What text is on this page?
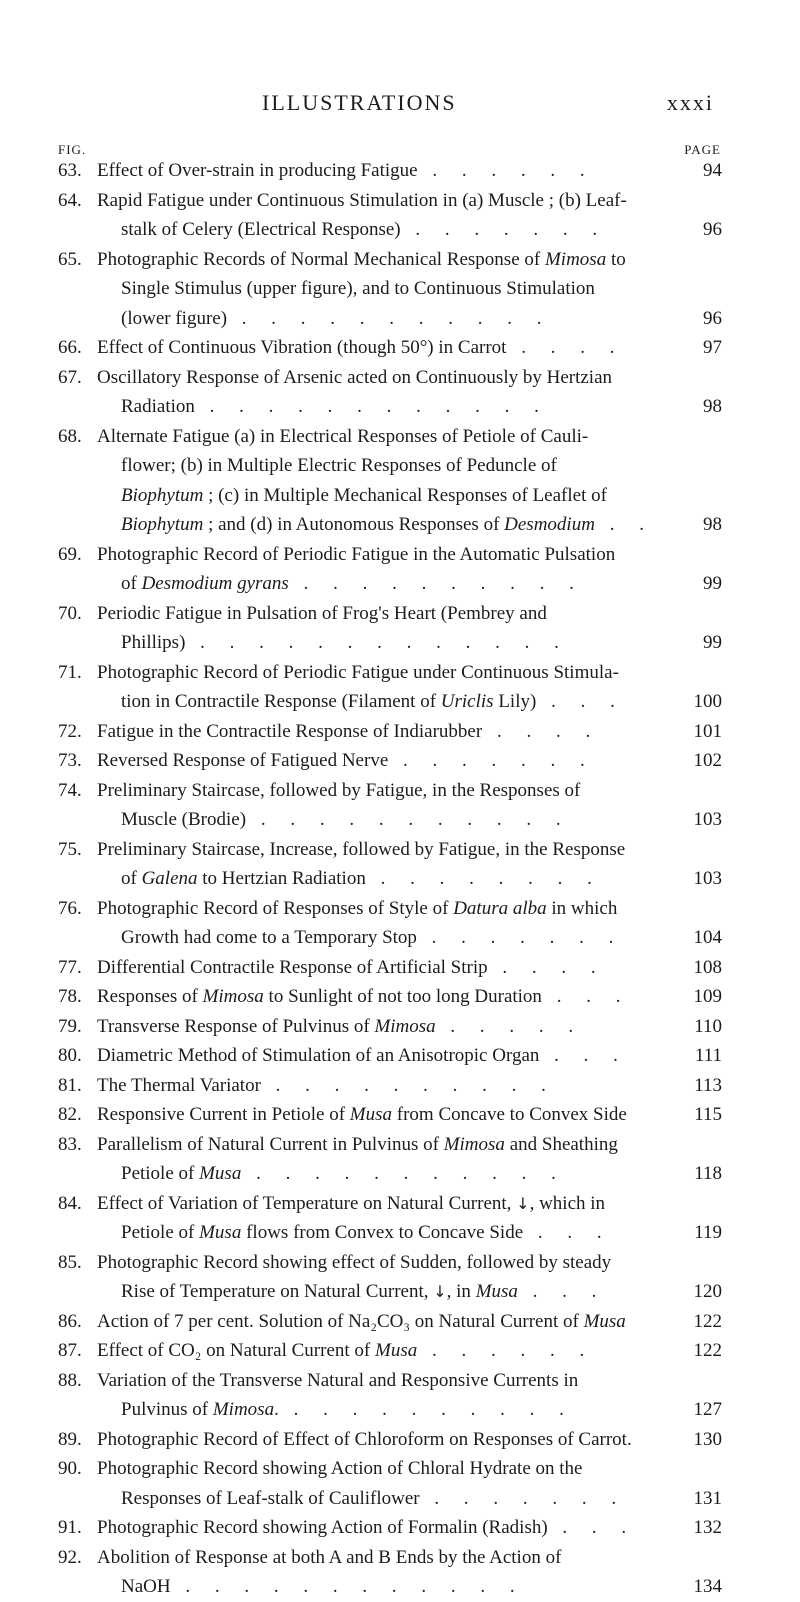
ILLUSTRATIONS	xxxi
FIG.	PAGE
63. Effect of Over-strain in producing Fatigue . . . . . .	94
64. Rapid Fatigue under Continuous Stimulation in (a) Muscle ; (b) Leaf-
stalk of Celery (Electrical Response) . . . . . . .	96
65. Photographic Records of Normal Mechanical Response of Mimosa to
Single Stimulus (upper figure), and to Continuous Stimulation
(lower figure) . . . . . . . . . . .	96
66. Effect of Continuous Vibration (though 50°) in Carrot . . . .	97
67. Oscillatory Response of Arsenic acted on Continuously by Hertzian
Radiation . . . . . . . . . . . .	98
68. Alternate Fatigue (a) in Electrical Responses of Petiole of Cauli-
flower; (b) in Multiple Electric Responses of Peduncle of
Biophytum ; (c) in Multiple Mechanical Responses of Leaflet of
Biophytum ; and (d) in Autonomous Responses of Desmodium . .	98
69. Photographic Record of Periodic Fatigue in the Automatic Pulsation
of Desmodium gyrans . . . . . . . . . .	99
70. Periodic Fatigue in Pulsation of Frog's Heart (Pembrey and
Phillips) . . . . . . . . . . . . .	99
71. Photographic Record of Periodic Fatigue under Continuous Stimula-
tion in Contractile Response (Filament of Uriclis Lily) . . .	100
72. Fatigue in the Contractile Response of Indiarubber . . . .	101
73. Reversed Response of Fatigued Nerve . . . . . . .	102
74. Preliminary Staircase, followed by Fatigue, in the Responses of
Muscle (Brodie) . . . . . . . . . . .	103
75. Preliminary Staircase, Increase, followed by Fatigue, in the Response
of Galena to Hertzian Radiation . . . . . . . .	103
76. Photographic Record of Responses of Style of Datura alba in which
Growth had come to a Temporary Stop . . . . . . .	104
77. Differential Contractile Response of Artificial Strip . . . .	108
78. Responses of Mimosa to Sunlight of not too long Duration . . .	109
79. Transverse Response of Pulvinus of Mimosa . . . . .	110
80. Diametric Method of Stimulation of an Anisotropic Organ . . .	111
81. The Thermal Variator . . . . . . . . . .	113
82. Responsive Current in Petiole of Musa from Concave to Convex Side	115
83. Parallelism of Natural Current in Pulvinus of Mimosa and Sheathing
Petiole of Musa . . . . . . . . . . .	118
84. Effect of Variation of Temperature on Natural Current, ↓, which in
Petiole of Musa flows from Convex to Concave Side . . .	119
85. Photographic Record showing effect of Sudden, followed by steady
Rise of Temperature on Natural Current, ↓, in Musa . . .	120
86. Action of 7 per cent. Solution of Na₂CO₃ on Natural Current of Musa	122
87. Effect of CO₂ on Natural Current of Musa . . . . . .	122
88. Variation of the Transverse Natural and Responsive Currents in
Pulvinus of Mimosa. . . . . . . . . . .	127
89. Photographic Record of Effect of Chloroform on Responses of Carrot.	130
90. Photographic Record showing Action of Chloral Hydrate on the
Responses of Leaf-stalk of Cauliflower . . . . . . .	131
91. Photographic Record showing Action of Formalin (Radish) . . .	132
92. Abolition of Response at both A and B Ends by the Action of
NaOH . . . . . . . . . . . .	134
